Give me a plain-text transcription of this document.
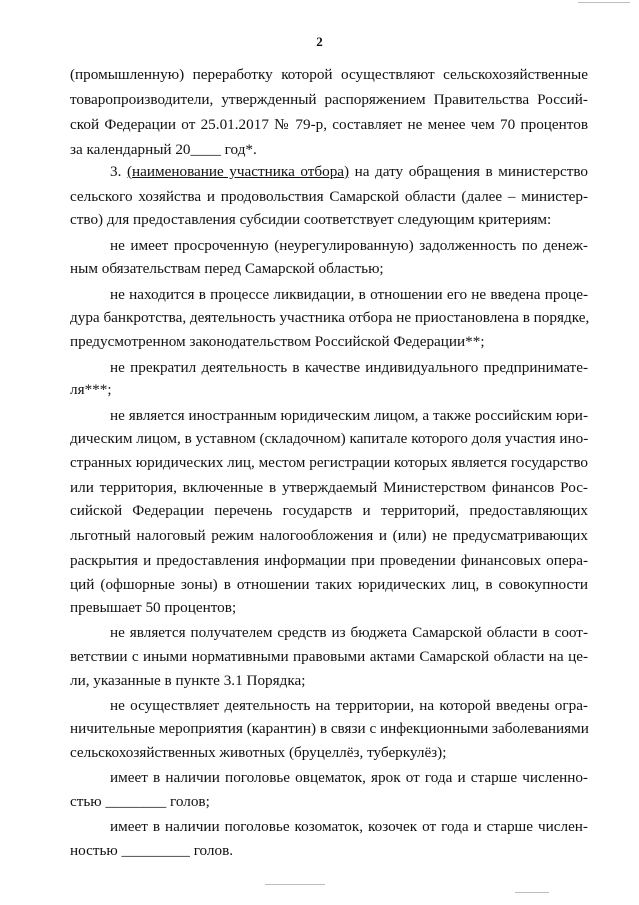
2
(промышленную) переработку которой осуществляют сельскохозяйственные
товаропроизводители, утвержденный распоряжением Правительства Россий-
ской Федерации от 25.01.2017 № 79-р, составляет не менее чем 70 процентов
за календарный 20____ год*.
3. (наименование участника отбора) на дату обращения в министерство
сельского хозяйства и продовольствия Самарской области (далее – министер-
ство) для предоставления субсидии соответствует следующим критериям:
не имеет просроченную (неурегулированную) задолженность по денеж-
ным обязательствам перед Самарской областью;
не находится в процессе ликвидации, в отношении его не введена проце-
дура банкротства, деятельность участника отбора не приостановлена в порядке,
предусмотренном законодательством Российской Федерации**;
не прекратил деятельность в качестве индивидуального предпринимате-
ля***;
не является иностранным юридическим лицом, а также российским юри-
дическим лицом, в уставном (складочном) капитале которого доля участия ино-
странных юридических лиц, местом регистрации которых является государство
или территория, включенные в утверждаемый Министерством финансов Рос-
сийской Федерации перечень государств и территорий, предоставляющих
льготный налоговый режим налогообложения и (или) не предусматривающих
раскрытия и предоставления информации при проведении финансовых опера-
ций (офшорные зоны) в отношении таких юридических лиц, в совокупности
превышает 50 процентов;
не является получателем средств из бюджета Самарской области в соот-
ветствии с иными нормативными правовыми актами Самарской области на це-
ли, указанные в пункте 3.1 Порядка;
не осуществляет деятельность на территории, на которой введены огра-
ничительные мероприятия (карантин) в связи с инфекционными заболеваниями
сельскохозяйственных животных (бруцеллёз, туберкулёз);
имеет в наличии поголовье овцематок, ярок от года и старше численно-
стью ________ голов;
имеет в наличии поголовье козоматок, козочек от года и старше числен-
ностью _________ голов.
